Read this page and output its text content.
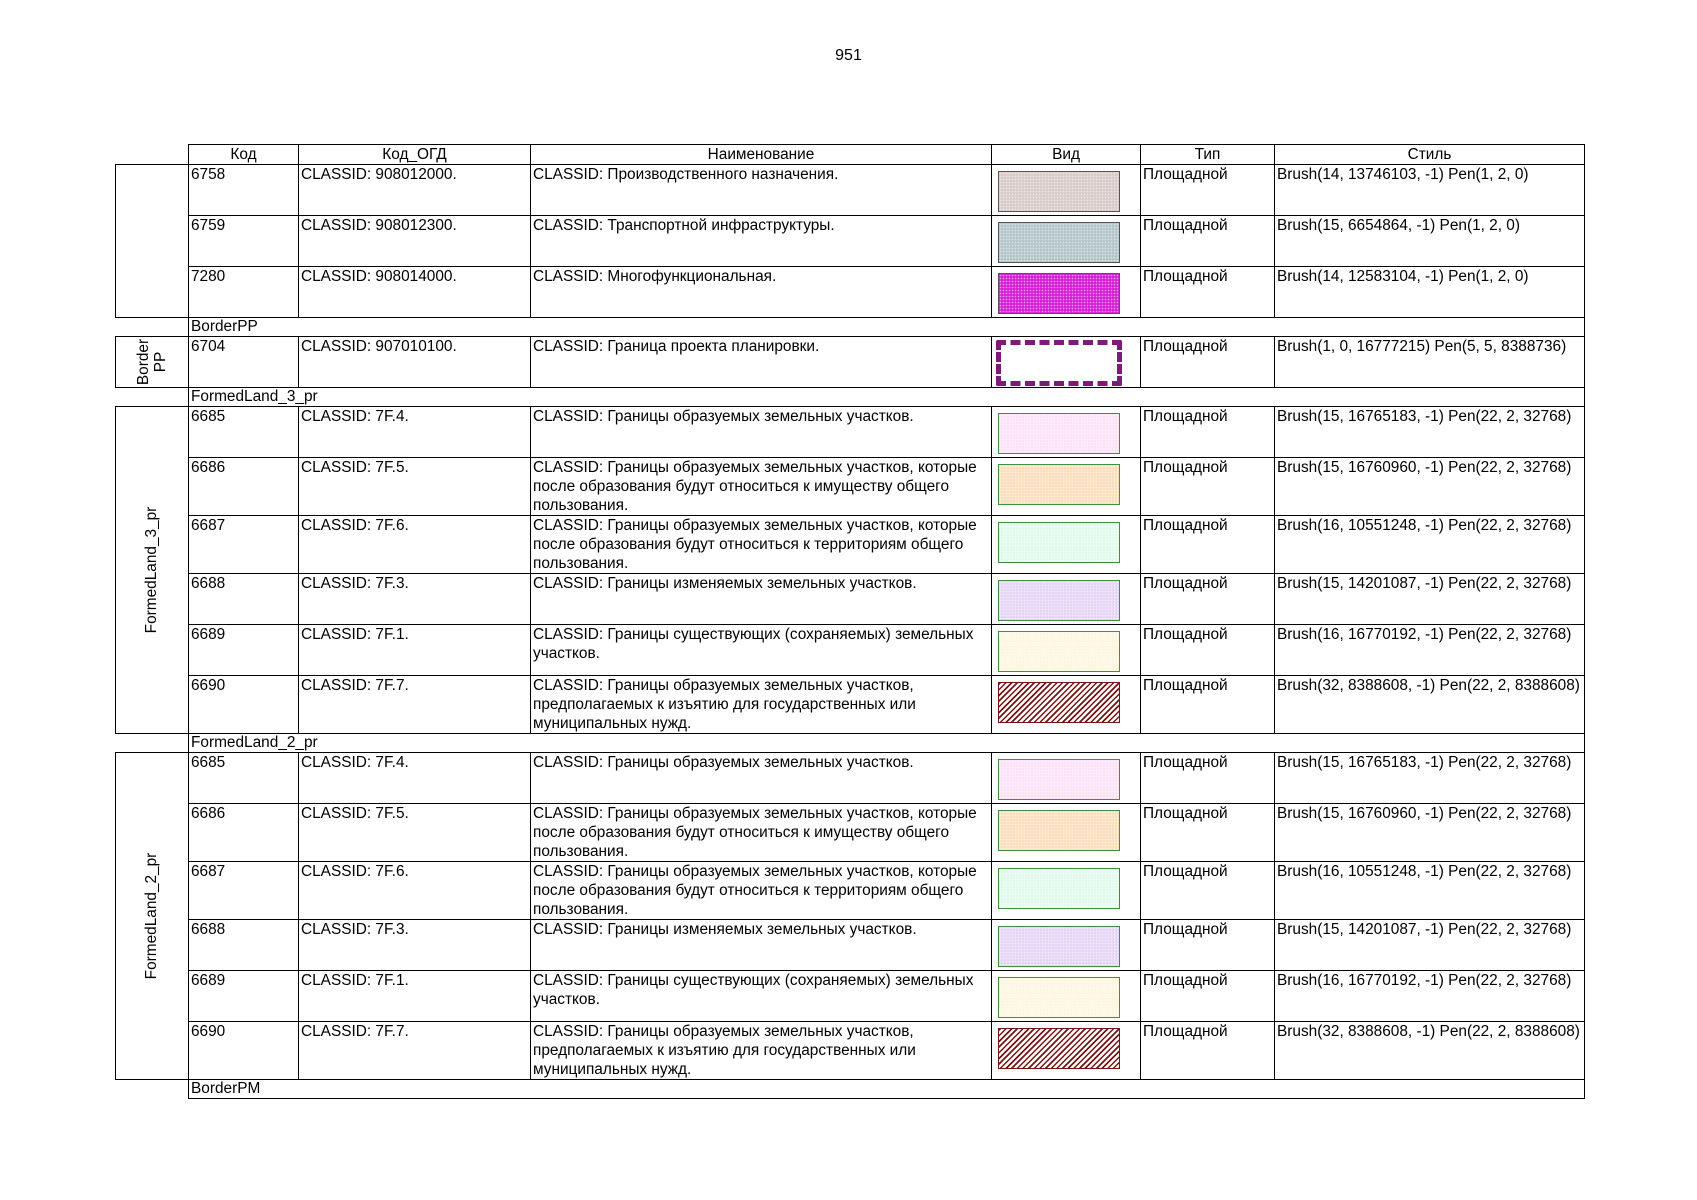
951
	Код	Код_ОГД	Наименование	Вид	Тип	Стиль
	6758	CLASSID: 908012000.	CLASSID: Производственного назначения.		Площадной	Brush(14, 13746103, -1) Pen(1, 2, 0)
	6759	CLASSID: 908012300.	CLASSID: Транспортной инфраструктуры.		Площадной	Brush(15, 6654864, -1) Pen(1, 2, 0)
	7280	CLASSID: 908014000.	CLASSID: Многофункциональная.		Площадной	Brush(14, 12583104, -1) Pen(1, 2, 0)
	BorderPP					

Border PP	6704	CLASSID: 907010100.	CLASSID: Граница проекта планировки.		Площадной	Brush(1, 0, 16777215) Pen(5, 5, 8388736)
	FormedLand_3_pr					

FormedLand_3_pr	6685	CLASSID: 7F.4.	CLASSID: Границы образуемых земельных участков.		Площадной	Brush(15, 16765183, -1) Pen(22, 2, 32768)
	6686	CLASSID: 7F.5.	CLASSID: Границы образуемых земельных участков, которые после образования будут относиться к имуществу общего пользования.		Площадной	Brush(15, 16760960, -1) Pen(22, 2, 32768)
	6687	CLASSID: 7F.6.	CLASSID: Границы образуемых земельных участков, которые после образования будут относиться к территориям общего пользования.		Площадной	Brush(16, 10551248, -1) Pen(22, 2, 32768)
	6688	CLASSID: 7F.3.	CLASSID: Границы изменяемых земельных участков.		Площадной	Brush(15, 14201087, -1) Pen(22, 2, 32768)
	6689	CLASSID: 7F.1.	CLASSID: Границы существующих (сохраняемых) земельных участков.		Площадной	Brush(16, 16770192, -1) Pen(22, 2, 32768)
	6690	CLASSID: 7F.7.	CLASSID: Границы образуемых земельных участков, предполагаемых к изъятию для государственных или муниципальных нужд.		Площадной	Brush(32, 8388608, -1) Pen(22, 2, 8388608)
	FormedLand_2_pr					

FormedLand_2_pr	6685	CLASSID: 7F.4.	CLASSID: Границы образуемых земельных участков.		Площадной	Brush(15, 16765183, -1) Pen(22, 2, 32768)
	6686	CLASSID: 7F.5.	CLASSID: Границы образуемых земельных участков, которые после образования будут относиться к имуществу общего пользования.		Площадной	Brush(15, 16760960, -1) Pen(22, 2, 32768)
	6687	CLASSID: 7F.6.	CLASSID: Границы образуемых земельных участков, которые после образования будут относиться к территориям общего пользования.		Площадной	Brush(16, 10551248, -1) Pen(22, 2, 32768)
	6688	CLASSID: 7F.3.	CLASSID: Границы изменяемых земельных участков.		Площадной	Brush(15, 14201087, -1) Pen(22, 2, 32768)
	6689	CLASSID: 7F.1.	CLASSID: Границы существующих (сохраняемых) земельных участков.		Площадной	Brush(16, 16770192, -1) Pen(22, 2, 32768)
	6690	CLASSID: 7F.7.	CLASSID: Границы образуемых земельных участков, предполагаемых к изъятию для государственных или муниципальных нужд.		Площадной	Brush(32, 8388608, -1) Pen(22, 2, 8388608)
	BorderPM					
